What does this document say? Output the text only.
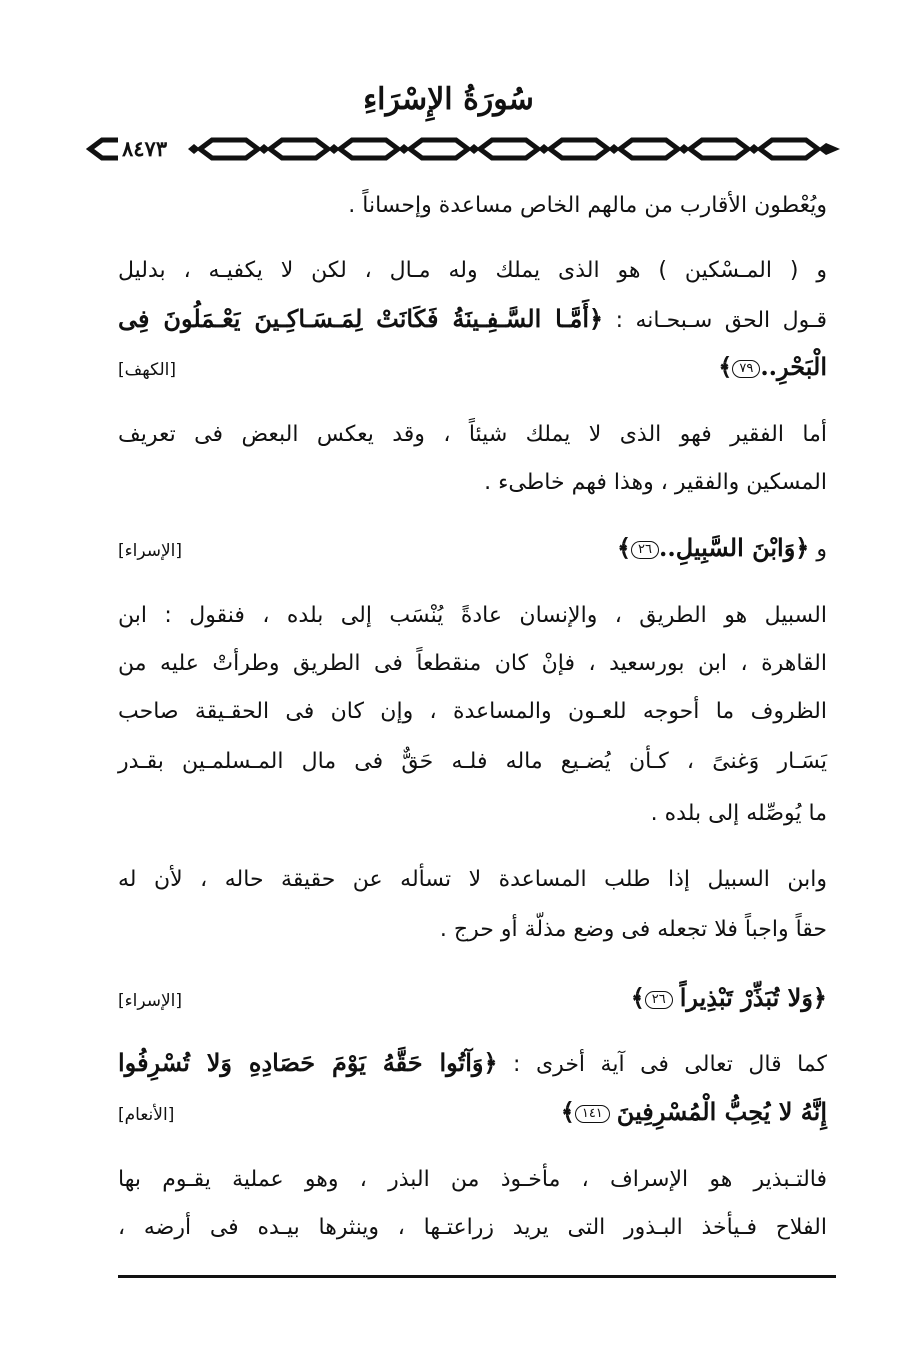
سُورَةُ الإِسْرَاءِ
٨٤٧٣
ويُعْطون الأقارب من مالهم الخاص مساعدة وإحساناً .
و ( المـسْكين ) هو الذى يملك وله مـال ، لكن لا يكفيـه ، بدليل
قـول الحق سـبحـانه : ﴿أَمَّـا السَّـفِـينَةُ فَكَانَتْ لِمَـسَـاكِـينَ يَعْـمَلُونَ فِى
الْبَحْرِ..٧٩﴾
[الكهف]
أما الفقير فهو الذى لا يملك شيئاً ، وقد يعكس البعض فى تعريف
المسكين والفقير ، وهذا فهم خاطىء .
و ﴿وَابْنَ السَّبِيلِ..٢٦﴾
[الإسراء]
السبيل هو الطريق ، والإنسان عادةً يُنْسَب إلى بلده ، فنقول : ابن
القاهرة ، ابن بورسعيد ، فإنْ كان منقطعاً فى الطريق وطرأتْ عليه من
الظروف ما أحوجه للعـون والمساعدة ، وإن كان فى الحقـيقة صاحب
يَسَـار وَغنىً ، كـأن يُضـيع ماله فلـه حَقٌّ فى مال المـسلمـين بقـدر
ما يُوصِّله إلى بلده .
وابن السبيل إذا طلب المساعدة لا تسأله عن حقيقة حاله ، لأن له
حقاً واجباً فلا تجعله فى وضع مذلّة أو حرج .
﴿وَلا تُبَذِّرْ تَبْذِيراً ٢٦﴾
[الإسراء]
كما قال تعالى فى آية أخرى : ﴿وَآتُوا حَقَّهُ يَوْمَ حَصَادِهِ وَلا تُسْرِفُوا
إِنَّهُ لا يُحِبُّ الْمُسْرِفِينَ ١٤١﴾
[الأنعام]
فالتـبذير هو الإسراف ، مأخـوذ من البذر ، وهو عملية يقـوم بها
الفلاح فـيأخذ البـذور التى يريد زراعتـها ، وينثرها بيـده فى أرضه ،
